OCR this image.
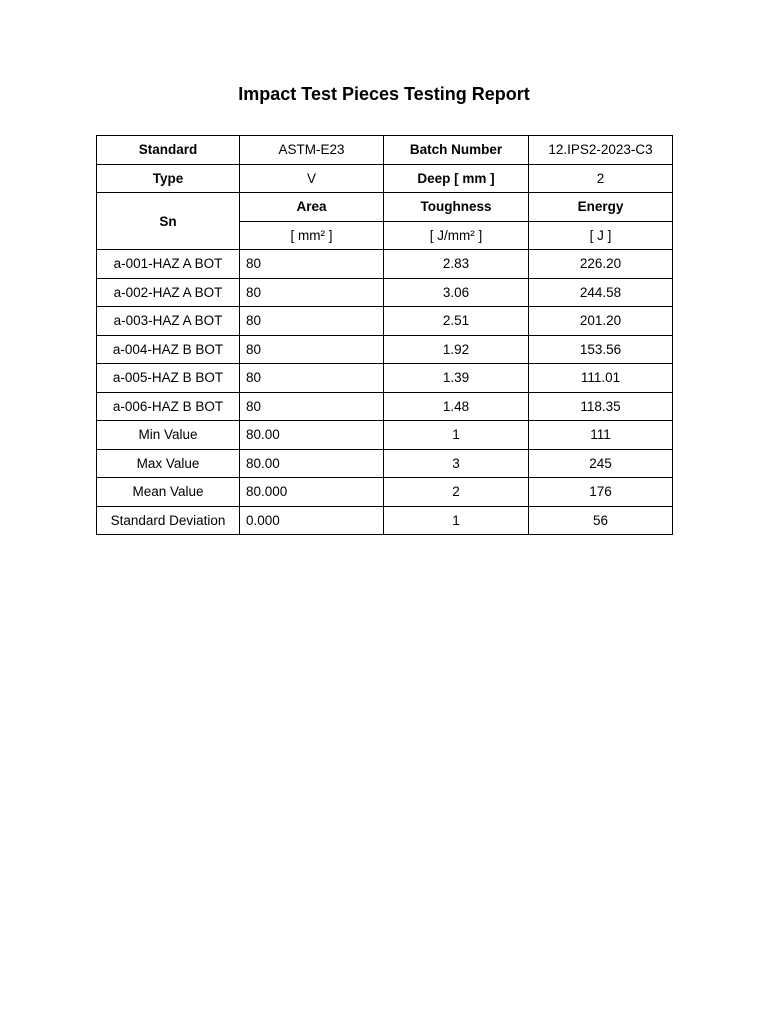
Impact Test Pieces Testing Report
Standard	ASTM-E23	Batch Number	12.IPS2-2023-C3
Type	V	Deep [ mm ]	2
Sn	Area	Toughness	Energy
	[ mm² ]	[ J/mm² ]	[ J ]
a-001-HAZ A BOT	80	2.83	226.20
a-002-HAZ A BOT	80	3.06	244.58
a-003-HAZ A BOT	80	2.51	201.20
a-004-HAZ B BOT	80	1.92	153.56
a-005-HAZ B BOT	80	1.39	111.01
a-006-HAZ B BOT	80	1.48	118.35
Min Value	80.00	1	111
Max Value	80.00	3	245
Mean Value	80.000	2	176
Standard Deviation	0.000	1	56
